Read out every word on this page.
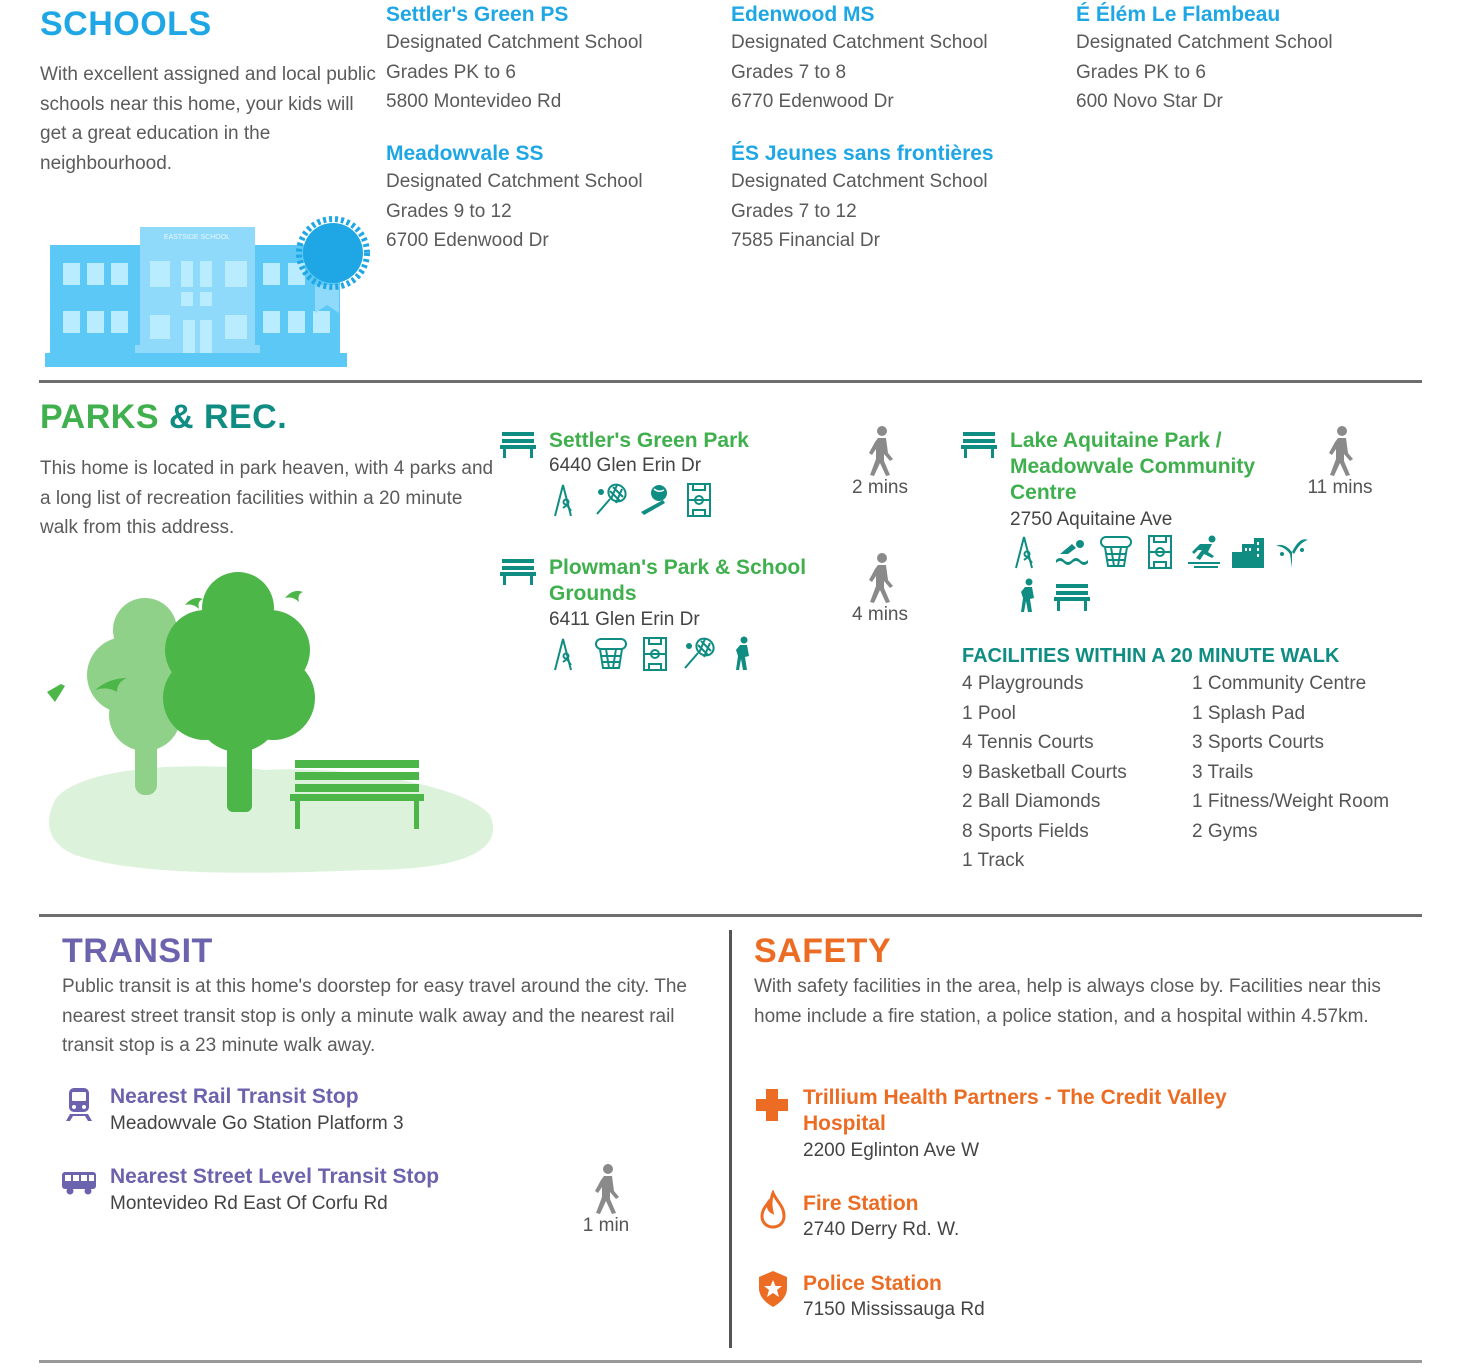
SCHOOLS
With excellent assigned and local public schools near this home, your kids will get a great education in the neighbourhood.
EASTSIDE SCHOOL
Settler's Green PS
Designated Catchment School
Grades PK to 6
5800 Montevideo Rd
Edenwood MS
Designated Catchment School
Grades 7 to 8
6770 Edenwood Dr
É Élém Le Flambeau
Designated Catchment School
Grades PK to 6
600 Novo Star Dr
Meadowvale SS
Designated Catchment School
Grades 9 to 12
6700 Edenwood Dr
ÉS Jeunes sans frontières
Designated Catchment School
Grades 7 to 12
7585 Financial Dr
PARKS & REC.
This home is located in park heaven, with 4 parks and a long list of recreation facilities within a 20 minute walk from this address.
Settler's Green Park
6440 Glen Erin Dr
2 mins
Plowman's Park & School Grounds
6411 Glen Erin Dr	4 mins
Lake Aquitaine Park / Meadowvale Community Centre
2750 Aquitaine Ave
11 mins
FACILITIES WITHIN A 20 MINUTE WALK
4 Playgrounds
1 Pool
4 Tennis Courts
9 Basketball Courts
2 Ball Diamonds
8 Sports Fields
1 Track
1 Community Centre
1 Splash Pad
3 Sports Courts
3 Trails
1 Fitness/Weight Room
2 Gyms
TRANSIT
Public transit is at this home's doorstep for easy travel around the city. The nearest street transit stop is only a minute walk away and the nearest rail transit stop is a 23 minute walk away.
Nearest Rail Transit Stop
Meadowvale Go Station Platform 3
Nearest Street Level Transit Stop
Montevideo Rd East Of Corfu Rd
1 min
SAFETY
With safety facilities in the area, help is always close by. Facilities near this home include a fire station, a police station, and a hospital within 4.57km.
Trillium Health Partners - The Credit Valley Hospital
2200 Eglinton Ave W
Fire Station
2740 Derry Rd. W.
Police Station
7150 Mississauga Rd
